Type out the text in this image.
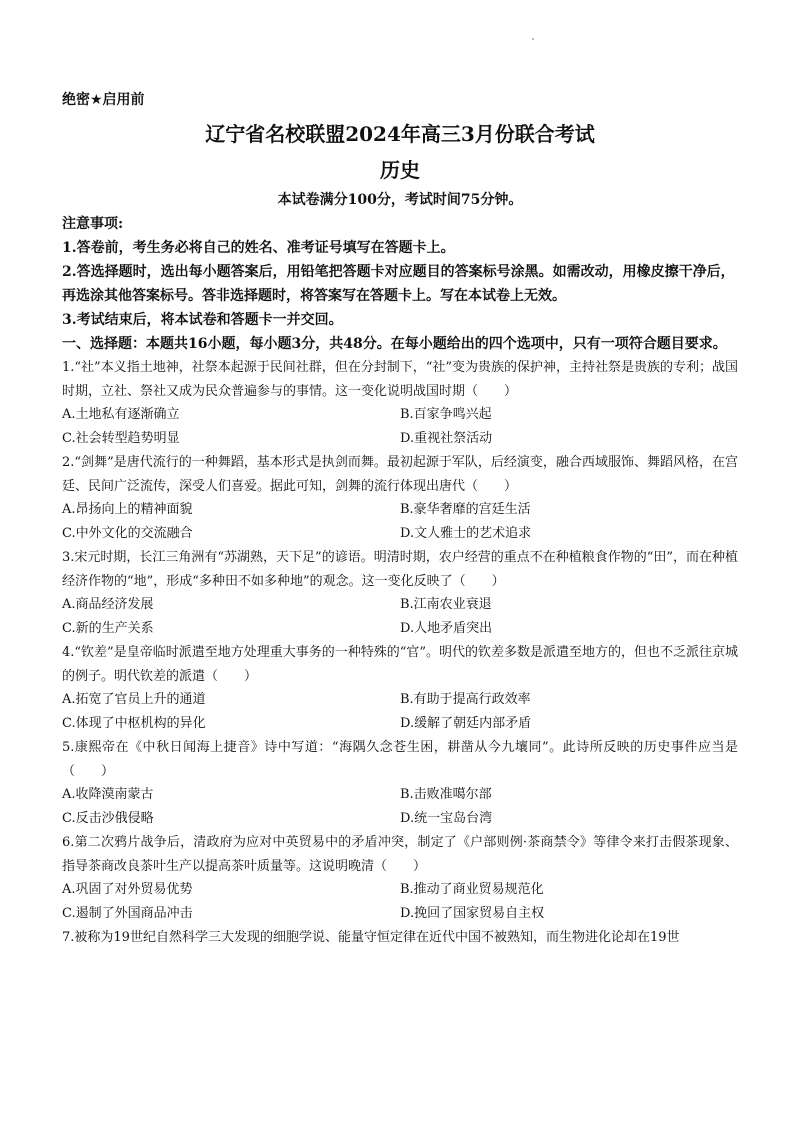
绝密★启用前
辽宁省名校联盟2024年高三3月份联合考试
历史
本试卷满分100分，考试时间75分钟。
注意事项:
1.答卷前，考生务必将自己的姓名、准考证号填写在答题卡上。
2.答选择题时，选出每小题答案后，用铅笔把答题卡对应题目的答案标号涂黑。如需改动，用橡皮擦干净后，再选涂其他答案标号。答非选择题时，将答案写在答题卡上。写在本试卷上无效。
3.考试结束后，将本试卷和答题卡一并交回。
一、选择题：本题共16小题，每小题3分，共48分。在每小题给出的四个选项中，只有一项符合题目要求。
1.“社”本义指土地神，社祭本起源于民间社群，但在分封制下，“社”变为贵族的保护神，主持社祭是贵族的专利；战国时期，立社、祭社又成为民众普遍参与的事情。这一变化说明战国时期（　　）
A.土地私有逐渐确立	B.百家争鸣兴起
C.社会转型趋势明显	D.重视社祭活动
2.“剑舞”是唐代流行的一种舞蹈，基本形式是执剑而舞。最初起源于军队，后经演变，融合西域服饰、舞蹈风格，在宫廷、民间广泛流传，深受人们喜爱。据此可知，剑舞的流行体现出唐代（　　）
A.昂扬向上的精神面貌	B.豪华奢靡的宫廷生活
C.中外文化的交流融合	D.文人雅士的艺术追求
3.宋元时期，长江三角洲有“苏湖熟，天下足”的谚语。明清时期，农户经营的重点不在种植粮食作物的“田”，而在种植经济作物的“地”，形成“多种田不如多种地”的观念。这一变化反映了（　　）
A.商品经济发展	B.江南农业衰退
C.新的生产关系	D.人地矛盾突出
4.“钦差”是皇帝临时派遣至地方处理重大事务的一种特殊的“官”。明代的钦差多数是派遣至地方的，但也不乏派往京城的例子。明代钦差的派遣（　　）
A.拓宽了官员上升的通道	B.有助于提高行政效率
C.体现了中枢机构的异化	D.缓解了朝廷内部矛盾
5.康熙帝在《中秋日闻海上捷音》诗中写道：“海隅久念苍生困，耕凿从今九壤同”。此诗所反映的历史事件应当是（　　）
A.收降漠南蒙古	B.击败准噶尔部
C.反击沙俄侵略	D.统一宝岛台湾
6.第二次鸦片战争后，清政府为应对中英贸易中的矛盾冲突，制定了《户部则例·茶商禁令》等律令来打击假茶现象、指导茶商改良茶叶生产以提高茶叶质量等。这说明晚清（　　）
A.巩固了对外贸易优势	B.推动了商业贸易规范化
C.遏制了外国商品冲击	D.挽回了国家贸易自主权
7.被称为19世纪自然科学三大发现的细胞学说、能量守恒定律在近代中国不被熟知，而生物进化论却在19世
